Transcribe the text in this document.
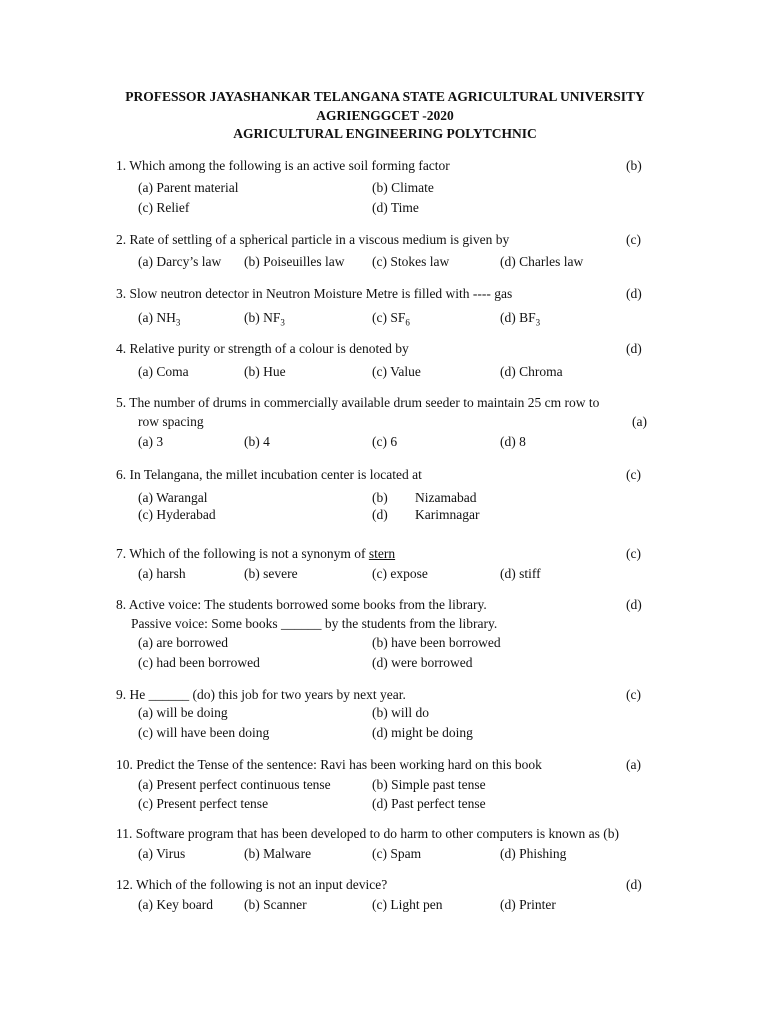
PROFESSOR JAYASHANKAR TELANGANA STATE AGRICULTURAL UNIVERSITY
AGRIENGGCET -2020
AGRICULTURAL ENGINEERING POLYTCHNIC
1. Which among the following is an active soil forming factor	(b)
(a) Parent material	(b) Climate
(c) Relief	(d) Time
2. Rate of settling of a spherical particle in a viscous medium is given by	(c)
(a) Darcy’s law (b) Poiseuilles law (c) Stokes law	(d) Charles law
3. Slow neutron detector in Neutron Moisture Metre is filled with ---- gas	(d)
(a) $NH_3$	(b) $NF_3$	(c) $SF_6$	(d) $BF_3$
4. Relative purity or strength of a colour is denoted by	(d)
(a) Coma	(b) Hue	(c) Value	(d) Chroma
5. The number of drums in commercially available drum seeder to maintain 25 cm row to
row spacing	(a)
(a) 3	(b) 4	(c) 6	(d) 8
6. In Telangana, the millet incubation center is located at	(c)
(a) Warangal	(b) Nizamabad
(c) Hyderabad	(d) Karimnagar
7. Which of the following is not a synonym of stern	(c)
(a) harsh	(b) severe	(c) expose	(d) stiff
8. Active voice: The students borrowed some books from the library.	(d)
Passive voice: Some books ______ by the students from the library.
(a) are borrowed	(b) have been borrowed
(c) had been borrowed	(d) were borrowed
9. He ______ (do) this job for two years by next year.	(c)
(a) will be doing	(b) will do
(c) will have been doing	(d) might be doing
10. Predict the Tense of the sentence: Ravi has been working hard on this book	(a)
(a) Present perfect continuous tense	(b) Simple past tense
(c) Present perfect tense	(d) Past perfect tense
11. Software program that has been developed to do harm to other computers is known as (b)
(a) Virus	(b) Malware	(c) Spam	(d) Phishing
12. Which of the following is not an input device?	(d)
(a) Key board (b) Scanner	(c) Light pen	(d) Printer
